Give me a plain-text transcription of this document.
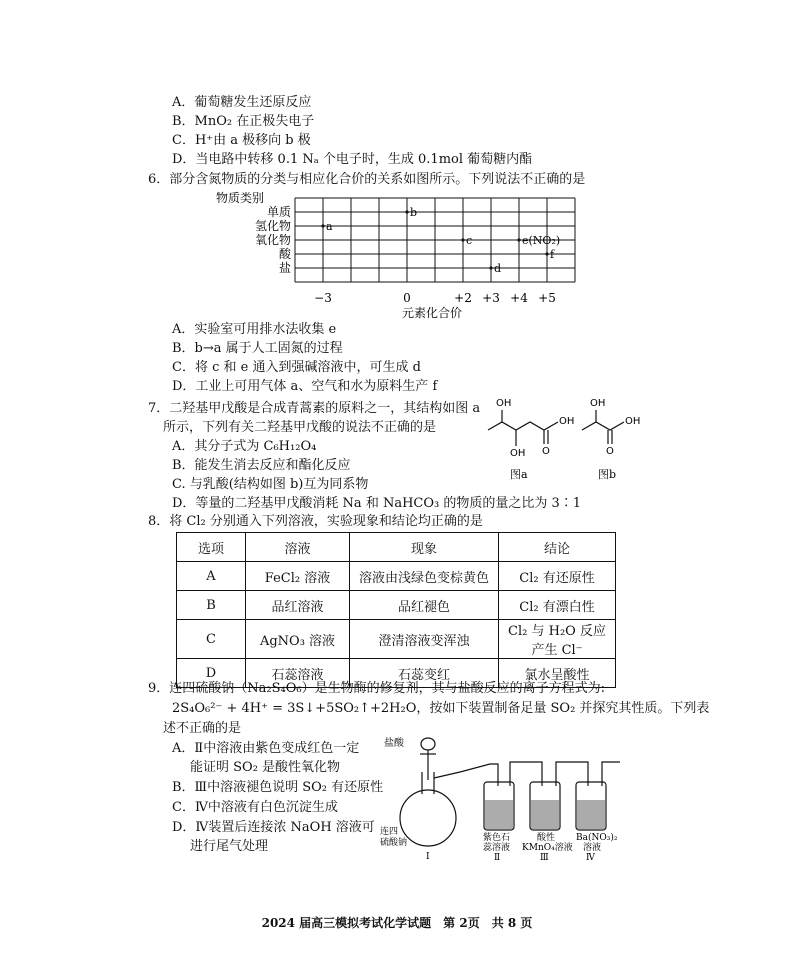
A．葡萄糖发生还原反应
B．MnO₂ 在正极失电子
C．H⁺由 a 极移向 b 极
D．当电路中转移 0.1 Nₐ 个电子时，生成 0.1mol 葡萄糖内酯
6．部分含氮物质的分类与相应化合价的关系如图所示。下列说法不正确的是
物质类别
单质
氢化物
氧化物
酸
盐
−3	0	+2 +3 +4 +5
a
b
c	e(NO₂)
f
d
元素化合价
A．实验室可用排水法收集 e
B．b→a 属于人工固氮的过程
C．将 c 和 e 通入到强碱溶液中，可生成 d
D．工业上可用气体 a、空气和水为原料生产 f
7．二羟基甲戊酸是合成青蒿素的原料之一，其结构如图 a
所示，下列有关二羟基甲戊酸的说法不正确的是
A．其分子式为 C₆H₁₂O₄
B．能发生消去反应和酯化反应
C. 与乳酸(结构如图 b)互为同系物
D．等量的二羟基甲戊酸消耗 Na 和 NaHCO₃ 的物质的量之比为 3∶1
OH
OH
O
OH
图a
OH
OH
O
图b
8．将 Cl₂ 分别通入下列溶液，实验现象和结论均正确的是
选项	溶液	现象	结论
A	FeCl₂ 溶液	溶液由浅绿色变棕黄色	Cl₂ 有还原性
B	品红溶液	品红褪色	Cl₂ 有漂白性
C	AgNO₃ 溶液	澄清溶液变浑浊	Cl₂ 与 H₂O 反应产生 Cl⁻
D	石蕊溶液	石蕊变红	氯水呈酸性
9．连四硫酸钠（Na₂S₄O₆）是生物酶的修复剂，其与盐酸反应的离子方程式为:
2S₄O₆²⁻ + 4H⁺ = 3S↓+5SO₂↑+2H₂O，按如下装置制备足量 SO₂ 并探究其性质。下列表
述不正确的是
A．Ⅱ中溶液由紫色变成红色一定
能证明 SO₂ 是酸性氧化物
B．Ⅲ中溶液褪色说明 SO₂ 有还原性
C．Ⅳ中溶液有白色沉淀生成
D．Ⅳ装置后连接浓 NaOH 溶液可
进行尾气处理
盐酸
连四
硫酸钠	紫色石
蕊溶液
酸性
KMnO₄溶液
Ba(NO₃)₂
溶液
Ⅰ	Ⅱ	Ⅲ	Ⅳ
2024 届高三模拟考试化学试题　第 2页　共 8 页
